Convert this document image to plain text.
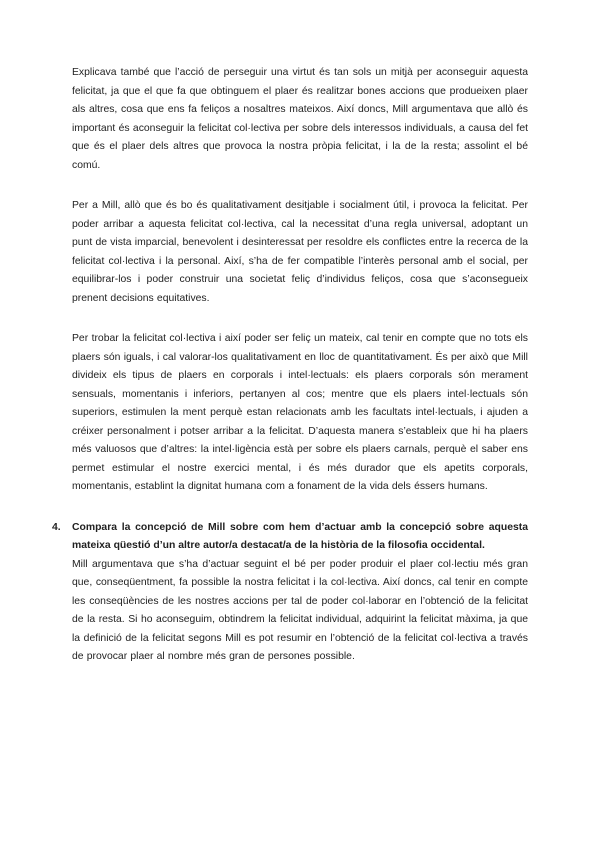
Explicava també que l’acció de perseguir una virtut és tan sols un mitjà per aconseguir aquesta felicitat, ja que el que fa que obtinguem el plaer és realitzar bones accions que produeixen plaer als altres, cosa que ens fa feliços a nosaltres mateixos. Així doncs, Mill argumentava que allò és important és aconseguir la felicitat col·lectiva per sobre dels interessos individuals, a causa del fet que és el plaer dels altres que provoca la nostra pròpia felicitat, i la de la resta; assolint el bé comú.

Per a Mill, allò que és bo és qualitativament desitjable i socialment útil, i provoca la felicitat. Per poder arribar a aquesta felicitat col·lectiva, cal la necessitat d’una regla universal, adoptant un punt de vista imparcial, benevolent i desinteressat per resoldre els conflictes entre la recerca de la felicitat col·lectiva i la personal. Així, s’ha de fer compatible l’interès personal amb el social, per equilibrar-los i poder construir una societat feliç d’individus feliços, cosa que s’aconsegueix prenent decisions equitatives.

Per trobar la felicitat col·lectiva i així poder ser feliç un mateix, cal tenir en compte que no tots els plaers són iguals, i cal valorar-los qualitativament en lloc de quantitativament. És per això que Mill divideix els tipus de plaers en corporals i intel·lectuals: els plaers corporals són merament sensuals, momentanis i inferiors, pertanyen al cos; mentre que els plaers intel·lectuals són superiors, estimulen la ment perquè estan relacionats amb les facultats intel·lectuals, i ajuden a créixer personalment i potser arribar a la felicitat. D’aquesta manera s’estableix que hi ha plaers més valuosos que d’altres: la intel·ligència està per sobre els plaers carnals, perquè el saber ens permet estimular el nostre exercici mental, i és més durador que els apetits corporals, momentanis, establint la dignitat humana com a fonament de la vida dels éssers humans.

4. Compara la concepció de Mill sobre com hem d’actuar amb la concepció sobre aquesta mateixa qüestió d’un altre autor/a destacat/a de la història de la filosofia occidental.

Mill argumentava que s’ha d’actuar seguint el bé per poder produir el plaer col·lectiu més gran que, conseqüentment, fa possible la nostra felicitat i la col·lectiva. Així doncs, cal tenir en compte les conseqüències de les nostres accions per tal de poder col·laborar en l’obtenció de la felicitat de la resta. Si ho aconseguim, obtindrem la felicitat individual, adquirint la felicitat màxima, ja que la definició de la felicitat segons Mill es pot resumir en l’obtenció de la felicitat col·lectiva a través de provocar plaer al nombre més gran de persones possible.
